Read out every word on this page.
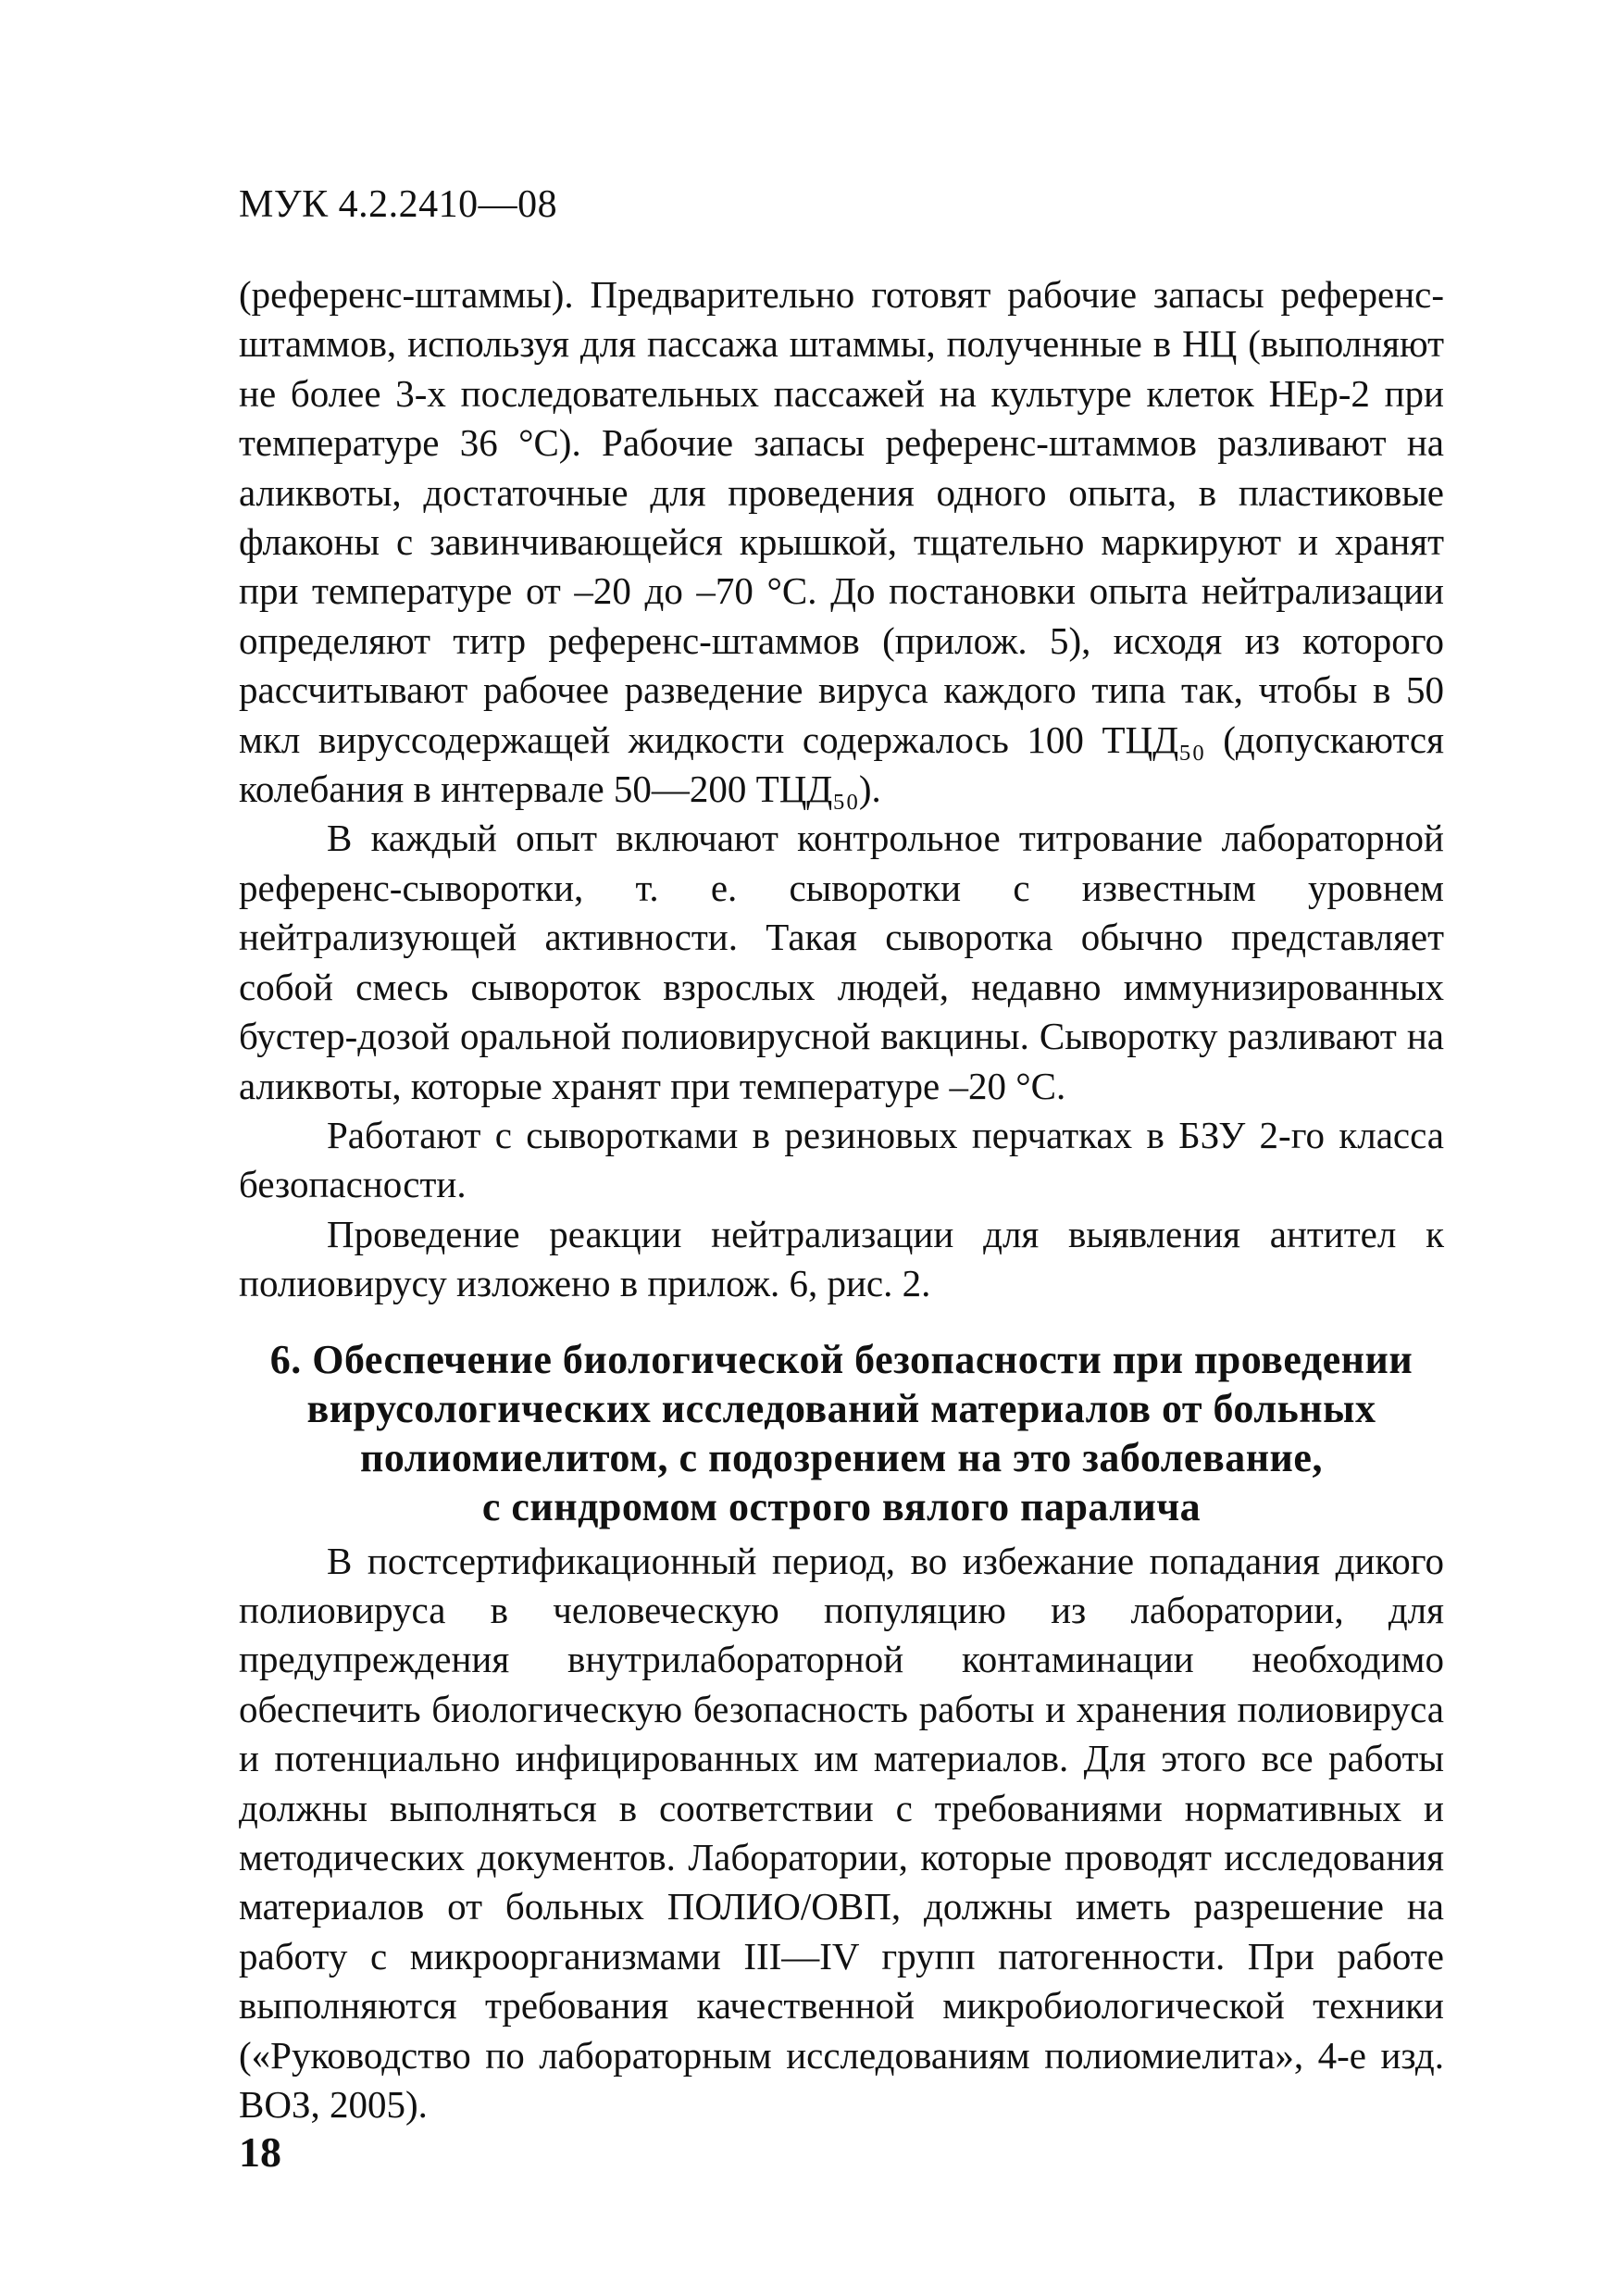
МУК 4.2.2410—08

(референс-штаммы). Предварительно готовят рабочие запасы референс-штаммов, используя для пассажа штаммы, полученные в НЦ (выполняют не более 3-х последовательных пассажей на культуре клеток HEp-2 при температуре 36 °С). Рабочие запасы референс-штаммов разливают на аликвоты, достаточные для проведения одного опыта, в пластиковые флаконы с завинчивающейся крышкой, тщательно маркируют и хранят при температуре от –20 до –70 °С. До постановки опыта нейтрализации определяют титр референс-штаммов (прилож. 5), исходя из которого рассчитывают рабочее разведение вируса каждого типа так, чтобы в 50 мкл вируссодержащей жидкости содержалось 100 ТЦД₅₀ (допускаются колебания в интервале 50—200 ТЦД₅₀).

В каждый опыт включают контрольное титрование лабораторной референс-сыворотки, т. е. сыворотки с известным уровнем нейтрализующей активности. Такая сыворотка обычно представляет собой смесь сывороток взрослых людей, недавно иммунизированных бустер-дозой оральной полиовирусной вакцины. Сыворотку разливают на аликвоты, которые хранят при температуре –20 °С.

Работают с сыворотками в резиновых перчатках в БЗУ 2-го класса безопасности.

Проведение реакции нейтрализации для выявления антител к полиовирусу изложено в прилож. 6, рис. 2.

6. Обеспечение биологической безопасности при проведении
вирусологических исследований материалов от больных
полиомиелитом, с подозрением на это заболевание,
с синдромом острого вялого паралича

В постсертификационный период, во избежание попадания дикого полиовируса в человеческую популяцию из лаборатории, для предупреждения внутрилабораторной контаминации необходимо обеспечить биологическую безопасность работы и хранения полиовируса и потенциально инфицированных им материалов. Для этого все работы должны выполняться в соответствии с требованиями нормативных и методических документов. Лаборатории, которые проводят исследования материалов от больных ПОЛИО/ОВП, должны иметь разрешение на работу с микроорганизмами III—IV групп патогенности. При работе выполняются требования качественной микробиологической техники («Руководство по лабораторным исследованиям полиомиелита», 4-е изд. ВОЗ, 2005).

18
